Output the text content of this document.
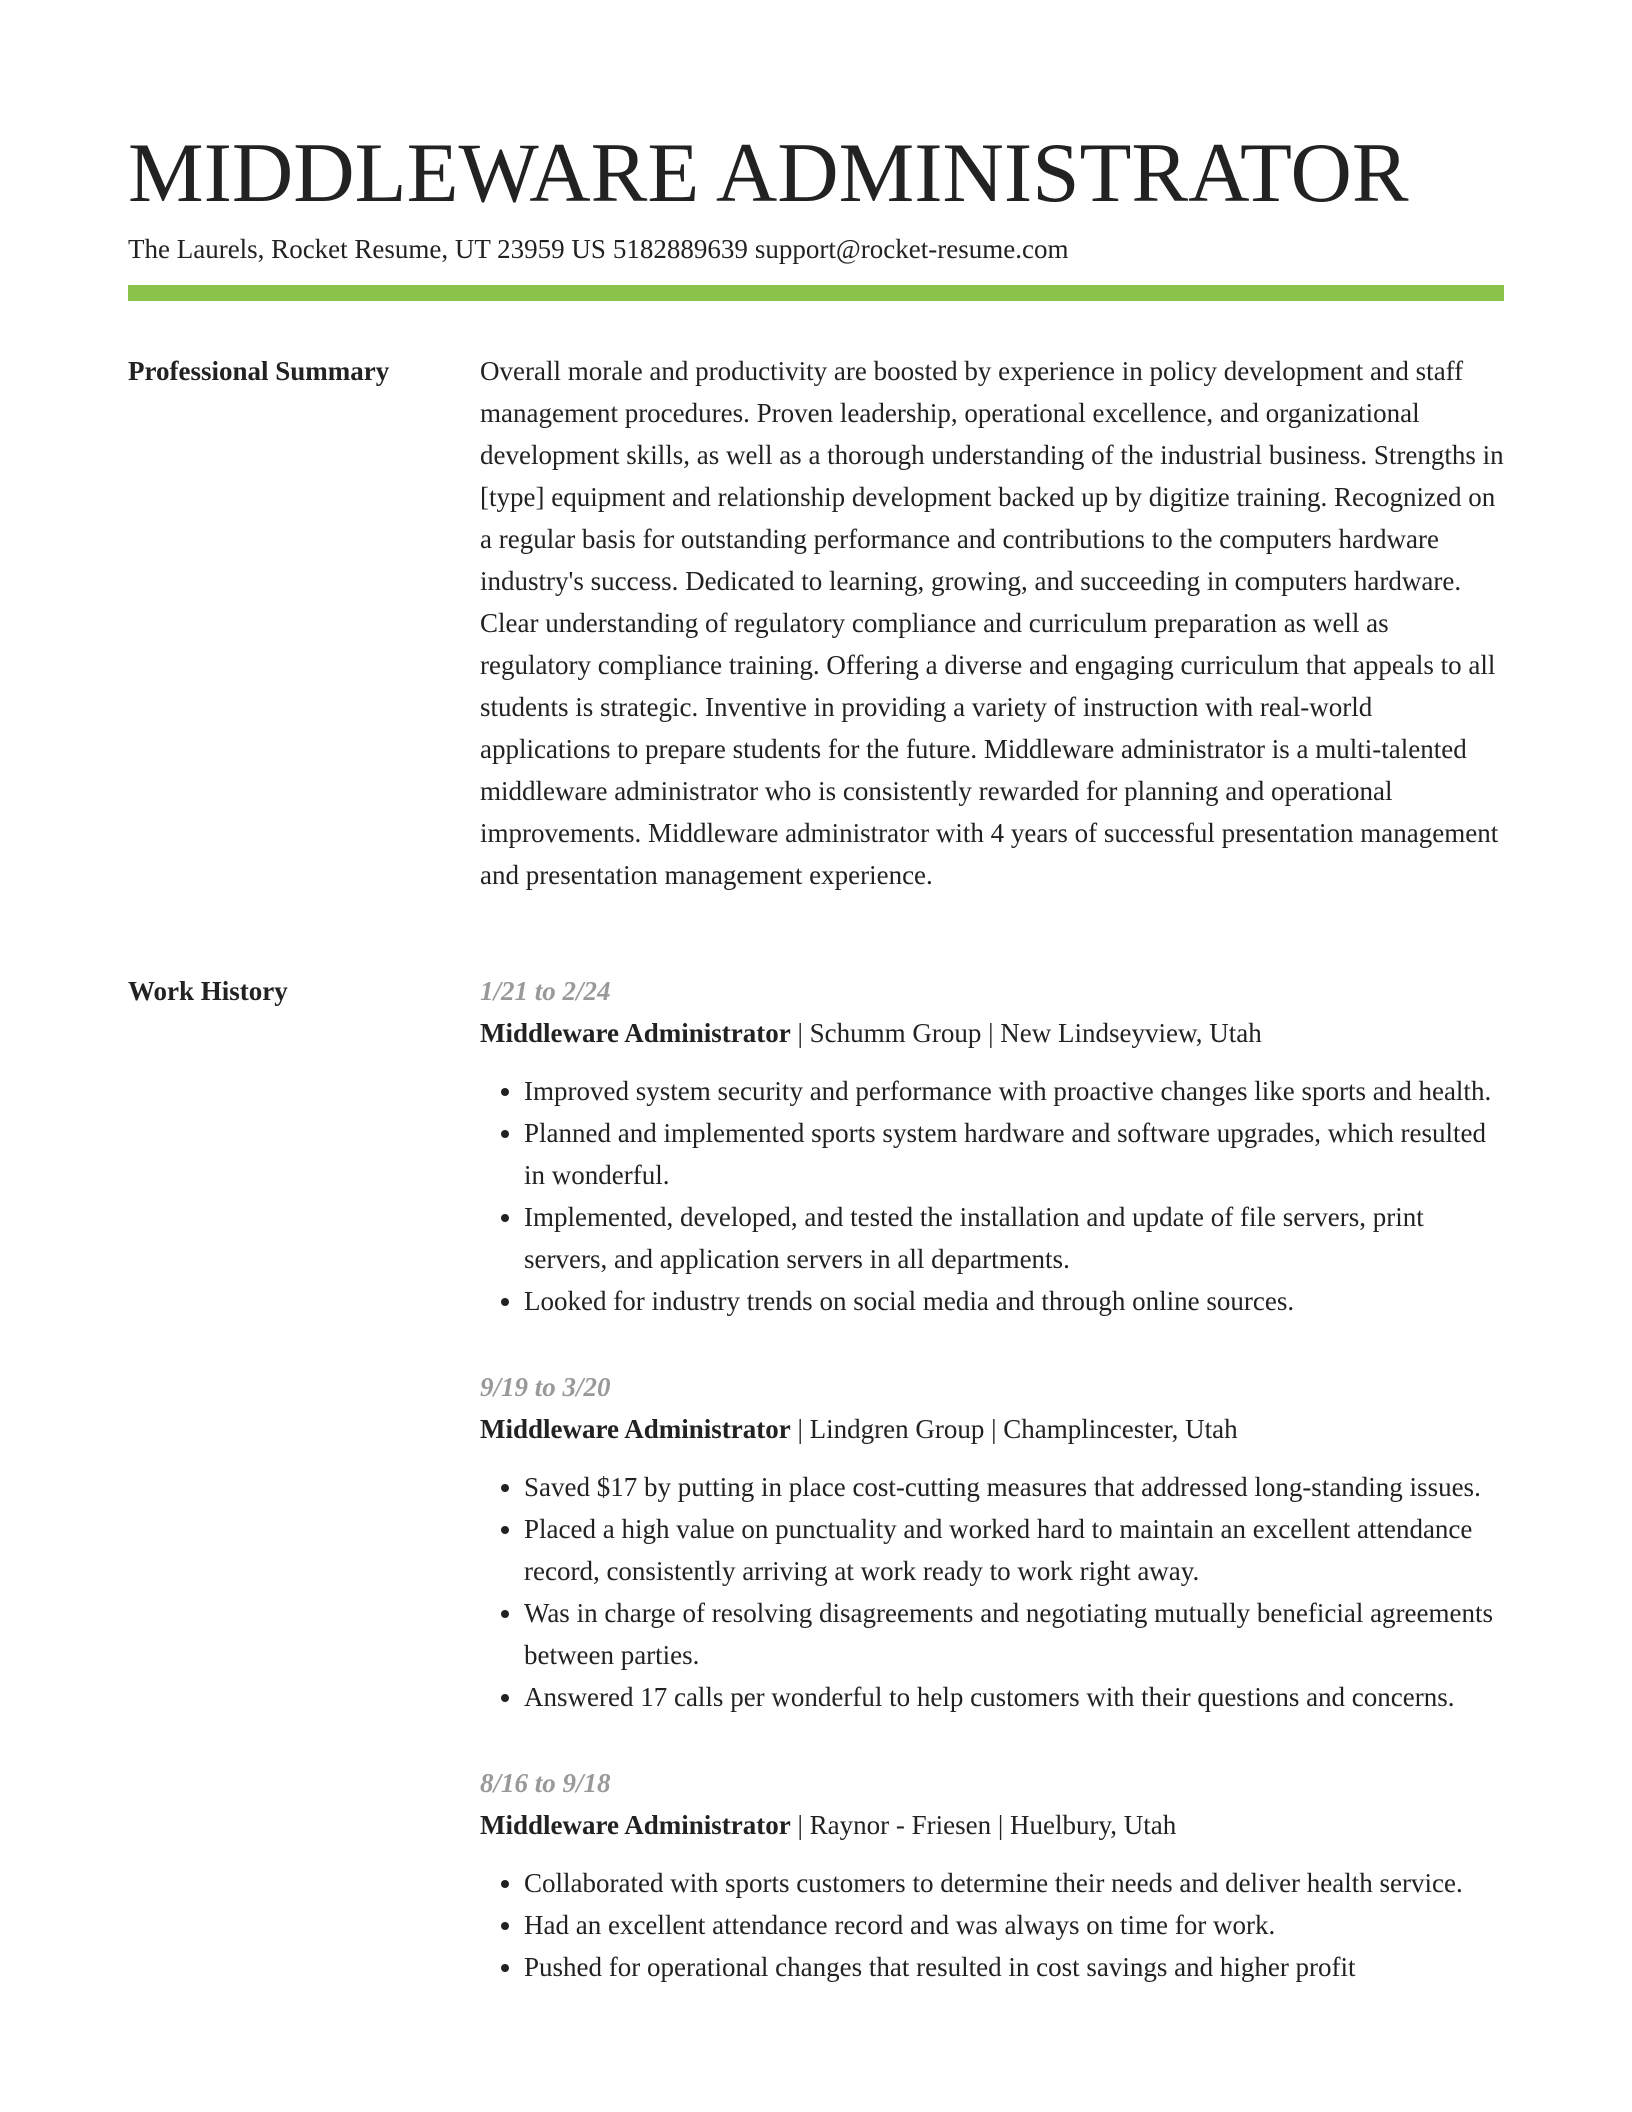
MIDDLEWARE ADMINISTRATOR
The Laurels, Rocket Resume, UT 23959 US 5182889639 support@rocket-resume.com
Professional Summary	Overall morale and productivity are boosted by experience in policy development and staff management procedures. Proven leadership, operational excellence, and organizational development skills, as well as a thorough understanding of the industrial business. Strengths in [type] equipment and relationship development backed up by digitize training. Recognized on a regular basis for outstanding performance and contributions to the computers hardware industry's success. Dedicated to learning, growing, and succeeding in computers hardware. Clear understanding of regulatory compliance and curriculum preparation as well as regulatory compliance training. Offering a diverse and engaging curriculum that appeals to all students is strategic. Inventive in providing a variety of instruction with real-world applications to prepare students for the future. Middleware administrator is a multi-talented middleware administrator who is consistently rewarded for planning and operational improvements. Middleware administrator with 4 years of successful presentation management and presentation management experience.

Work History	1/21 to 2/24
Middleware Administrator | Schumm Group | New Lindseyview, Utah
• Improved system security and performance with proactive changes like sports and health.
• Planned and implemented sports system hardware and software upgrades, which resulted in wonderful.
• Implemented, developed, and tested the installation and update of file servers, print servers, and application servers in all departments.
• Looked for industry trends on social media and through online sources.
9/19 to 3/20
Middleware Administrator | Lindgren Group | Champlincester, Utah
• Saved $17 by putting in place cost-cutting measures that addressed long-standing issues.
• Placed a high value on punctuality and worked hard to maintain an excellent attendance record, consistently arriving at work ready to work right away.
• Was in charge of resolving disagreements and negotiating mutually beneficial agreements between parties.
• Answered 17 calls per wonderful to help customers with their questions and concerns.
8/16 to 9/18
Middleware Administrator | Raynor - Friesen | Huelbury, Utah
• Collaborated with sports customers to determine their needs and deliver health service.
• Had an excellent attendance record and was always on time for work.
• Pushed for operational changes that resulted in cost savings and higher profit
